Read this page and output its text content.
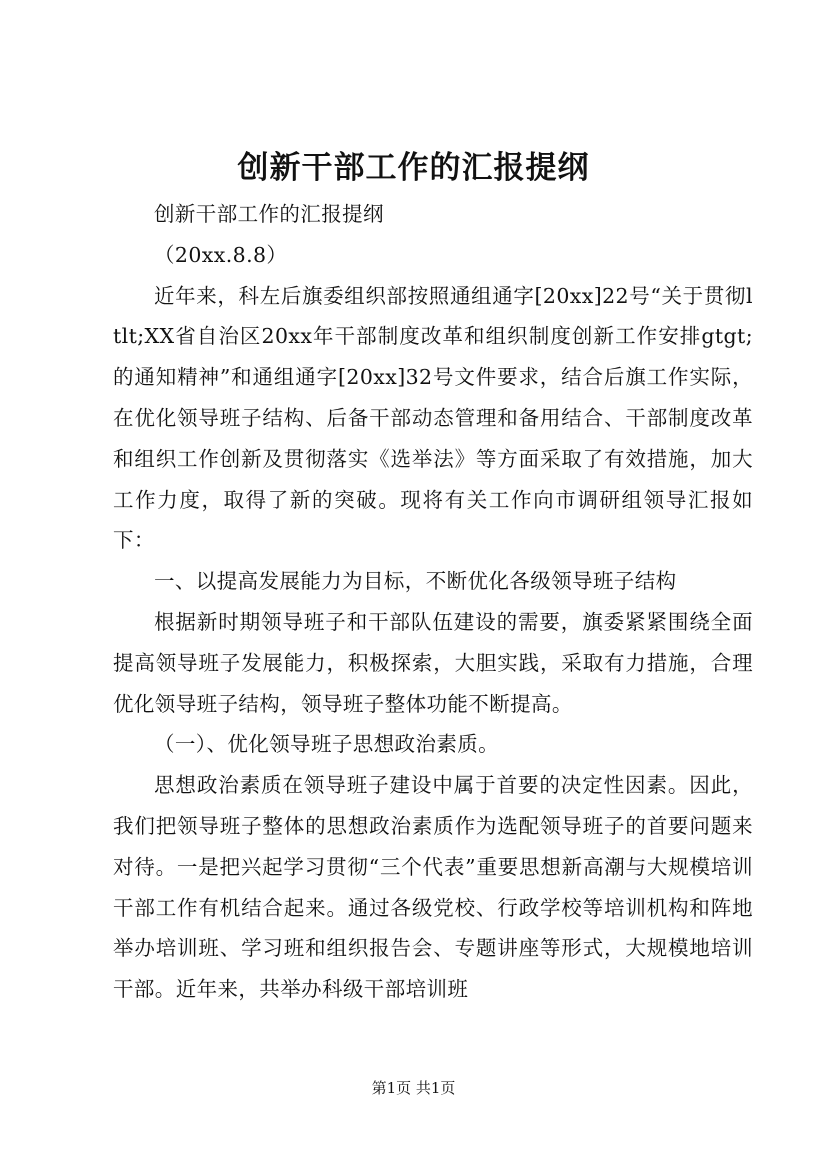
创新干部工作的汇报提纲

创新干部工作的汇报提纲

（20xx.8.8）

近年来，科左后旗委组织部按照通组通字[20xx]22号“关于贯彻ltlt;XX省自治区20xx年干部制度改革和组织制度创新工作安排gtgt;的通知精神”和通组通字[20xx]32号文件要求，结合后旗工作实际，在优化领导班子结构、后备干部动态管理和备用结合、干部制度改革和组织工作创新及贯彻落实《选举法》等方面采取了有效措施，加大工作力度，取得了新的突破。现将有关工作向市调研组领导汇报如下：

一、以提高发展能力为目标，不断优化各级领导班子结构

根据新时期领导班子和干部队伍建设的需要，旗委紧紧围绕全面提高领导班子发展能力，积极探索，大胆实践，采取有力措施，合理优化领导班子结构，领导班子整体功能不断提高。

（一）、优化领导班子思想政治素质。

思想政治素质在领导班子建设中属于首要的决定性因素。因此，我们把领导班子整体的思想政治素质作为选配领导班子的首要问题来对待。一是把兴起学习贯彻“三个代表”重要思想新高潮与大规模培训干部工作有机结合起来。通过各级党校、行政学校等培训机构和阵地举办培训班、学习班和组织报告会、专题讲座等形式，大规模地培训干部。近年来，共举办科级干部培训班

第1页 共1页
